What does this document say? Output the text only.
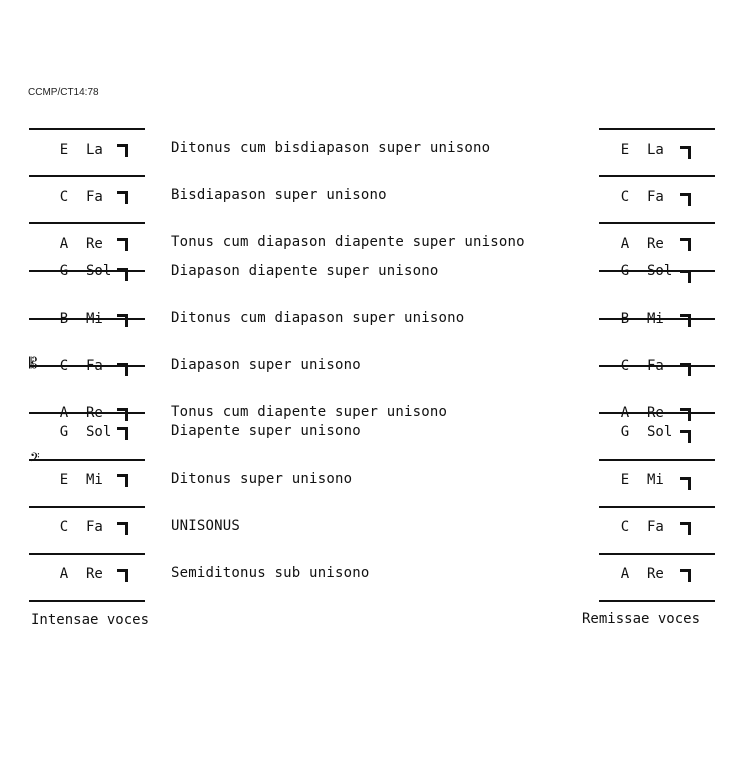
CCMP/CT14:78
𝄡
𝄢
E La	Ditonus cum bisdiapason super unisono	E La
C Fa	Bisdiapason super unisono	C Fa
A Re	Tonus cum diapason diapente super unisono	A Re
G Sol	Diapason diapente super unisono	G Sol
B Mi	Ditonus cum diapason super unisono	B Mi
C Fa	Diapason super unisono	C Fa
A Re	Tonus cum diapente super unisono	A Re
G Sol	Diapente super unisono	G Sol
E Mi	Ditonus super unisono	E Mi
C Fa	UNISONUS	C Fa
A Re	Semiditonus sub unisono	A Re
Intensae voces	Remissae voces
